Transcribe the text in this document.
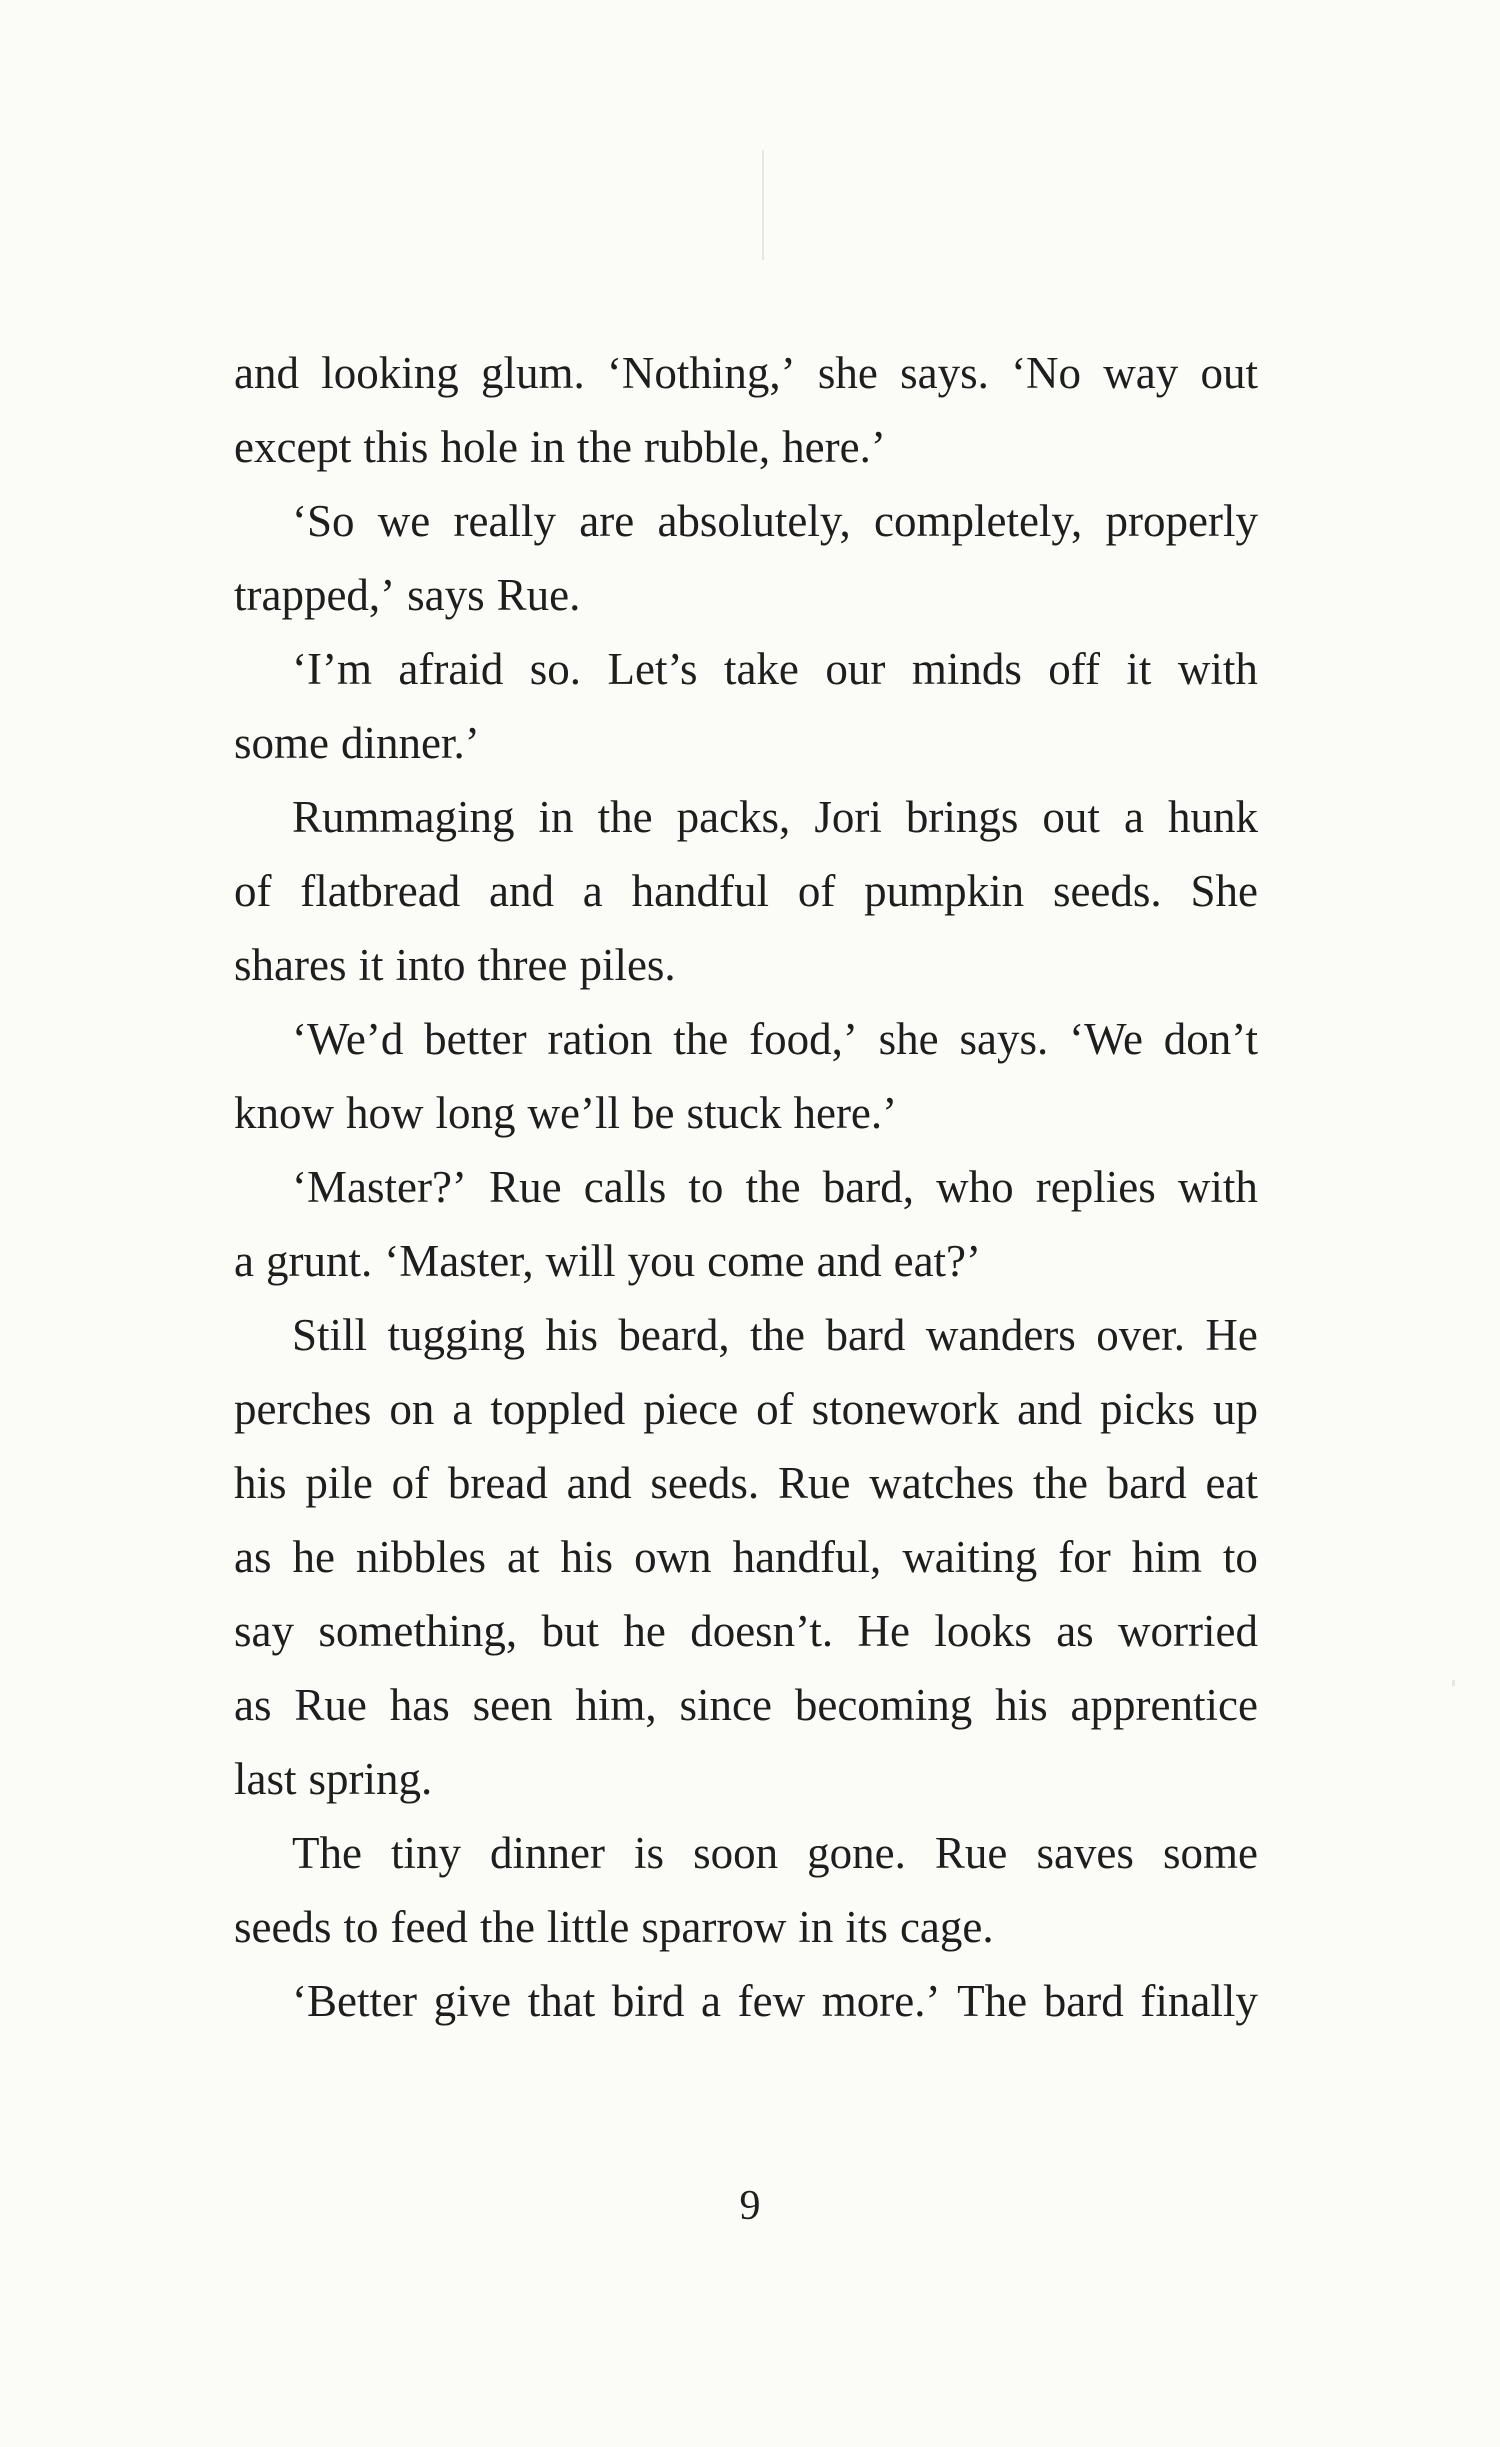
and looking glum. ‘Nothing,’ she says. ‘No way out
except this hole in the rubble, here.’
‘So we really are absolutely, completely, properly
trapped,’ says Rue.
‘I’m afraid so. Let’s take our minds off it with
some dinner.’
Rummaging in the packs, Jori brings out a hunk
of flatbread and a handful of pumpkin seeds. She
shares it into three piles.
‘We’d better ration the food,’ she says. ‘We don’t
know how long we’ll be stuck here.’
‘Master?’ Rue calls to the bard, who replies with
a grunt. ‘Master, will you come and eat?’
Still tugging his beard, the bard wanders over. He
perches on a toppled piece of stonework and picks up
his pile of bread and seeds. Rue watches the bard eat
as he nibbles at his own handful, waiting for him to
say something, but he doesn’t. He looks as worried
as Rue has seen him, since becoming his apprentice
last spring.
The tiny dinner is soon gone. Rue saves some
seeds to feed the little sparrow in its cage.
‘Better give that bird a few more.’ The bard finally
9
